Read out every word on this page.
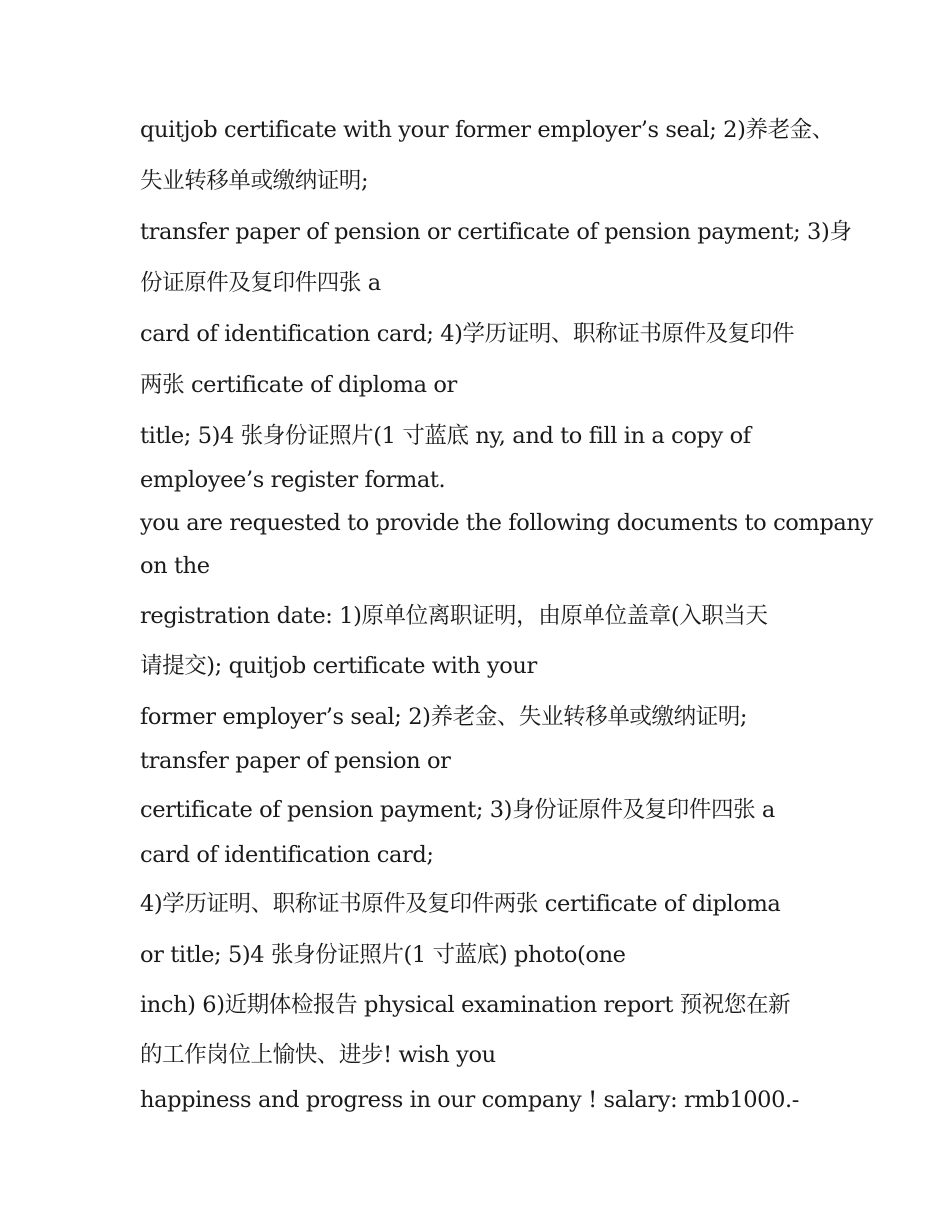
quitjob certificate with your former employer’s seal; 2)养老金、
失业转移单或缴纳证明;
transfer paper of pension or certificate of pension payment; 3)身
份证原件及复印件四张 a
card of identification card; 4)学历证明、职称证书原件及复印件
两张 certificate of diploma or
title; 5)4 张身份证照片(1 寸蓝底 ny, and to fill in a copy of
employee’s register format.
you are requested to provide the following documents to company
on the
registration date: 1)原单位离职证明，由原单位盖章(入职当天
请提交); quitjob certificate with your
former employer’s seal; 2)养老金、失业转移单或缴纳证明;
transfer paper of pension or
certificate of pension payment; 3)身份证原件及复印件四张 a
card of identification card;
4)学历证明、职称证书原件及复印件两张 certificate of diploma
or title; 5)4 张身份证照片(1 寸蓝底) photo(one
inch) 6)近期体检报告 physical examination report 预祝您在新
的工作岗位上愉快、进步! wish you
happiness and progress in our company ! salary: rmb1000.-
